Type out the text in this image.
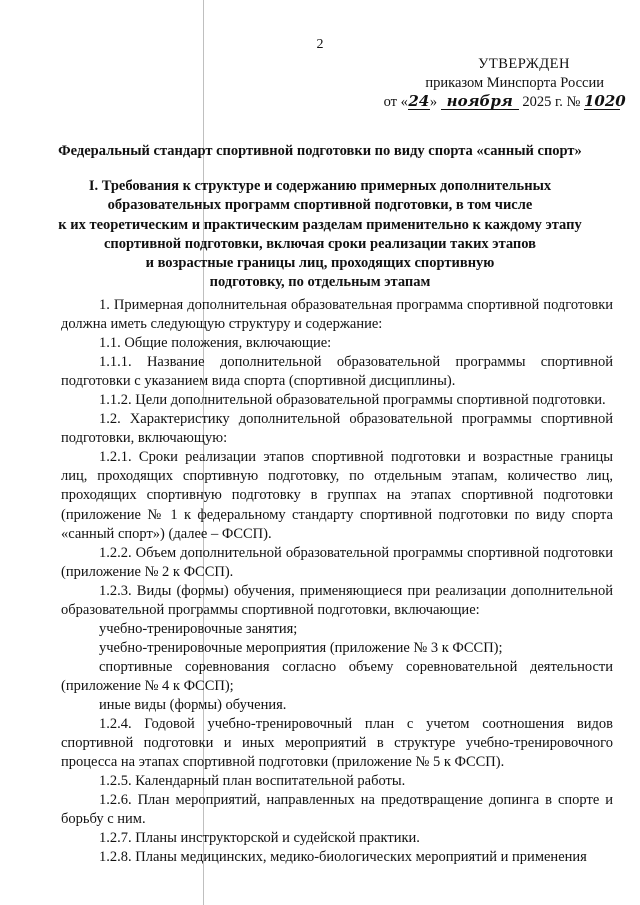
2
УТВЕРЖДЕН
приказом Минспорта России
от «24» ноября 2025 г. № 1020
Федеральный стандарт спортивной подготовки по виду спорта «санный спорт»
I. Требования к структуре и содержанию примерных дополнительных
образовательных программ спортивной подготовки, в том числе
к их теоретическим и практическим разделам применительно к каждому этапу
спортивной подготовки, включая сроки реализации таких этапов
и возрастные границы лиц, проходящих спортивную
подготовку, по отдельным этапам

1. Примерная дополнительная образовательная программа спортивной подготовки должна иметь следующую структуру и содержание:

1.1. Общие положения, включающие:

1.1.1. Название дополнительной образовательной программы спортивной подготовки с указанием вида спорта (спортивной дисциплины).

1.1.2. Цели дополнительной образовательной программы спортивной подготовки.

1.2. Характеристику дополнительной образовательной программы спортивной подготовки, включающую:

1.2.1. Сроки реализации этапов спортивной подготовки и возрастные границы лиц, проходящих спортивную подготовку, по отдельным этапам, количество лиц, проходящих спортивную подготовку в группах на этапах спортивной подготовки (приложение № 1 к федеральному стандарту спортивной подготовки по виду спорта «санный спорт») (далее – ФССП).

1.2.2. Объем дополнительной образовательной программы спортивной подготовки (приложение № 2 к ФССП).

1.2.3. Виды (формы) обучения, применяющиеся при реализации дополнительной образовательной программы спортивной подготовки, включающие:

учебно-тренировочные занятия;

учебно-тренировочные мероприятия (приложение № 3 к ФССП);

спортивные соревнования согласно объему соревновательной деятельности (приложение № 4 к ФССП);

иные виды (формы) обучения.

1.2.4. Годовой учебно-тренировочный план с учетом соотношения видов спортивной подготовки и иных мероприятий в структуре учебно-тренировочного процесса на этапах спортивной подготовки (приложение № 5 к ФССП).

1.2.5. Календарный план воспитательной работы.

1.2.6. План мероприятий, направленных на предотвращение допинга в спорте и борьбу с ним.

1.2.7. Планы инструкторской и судейской практики.

1.2.8. Планы медицинских, медико-биологических мероприятий и применения
